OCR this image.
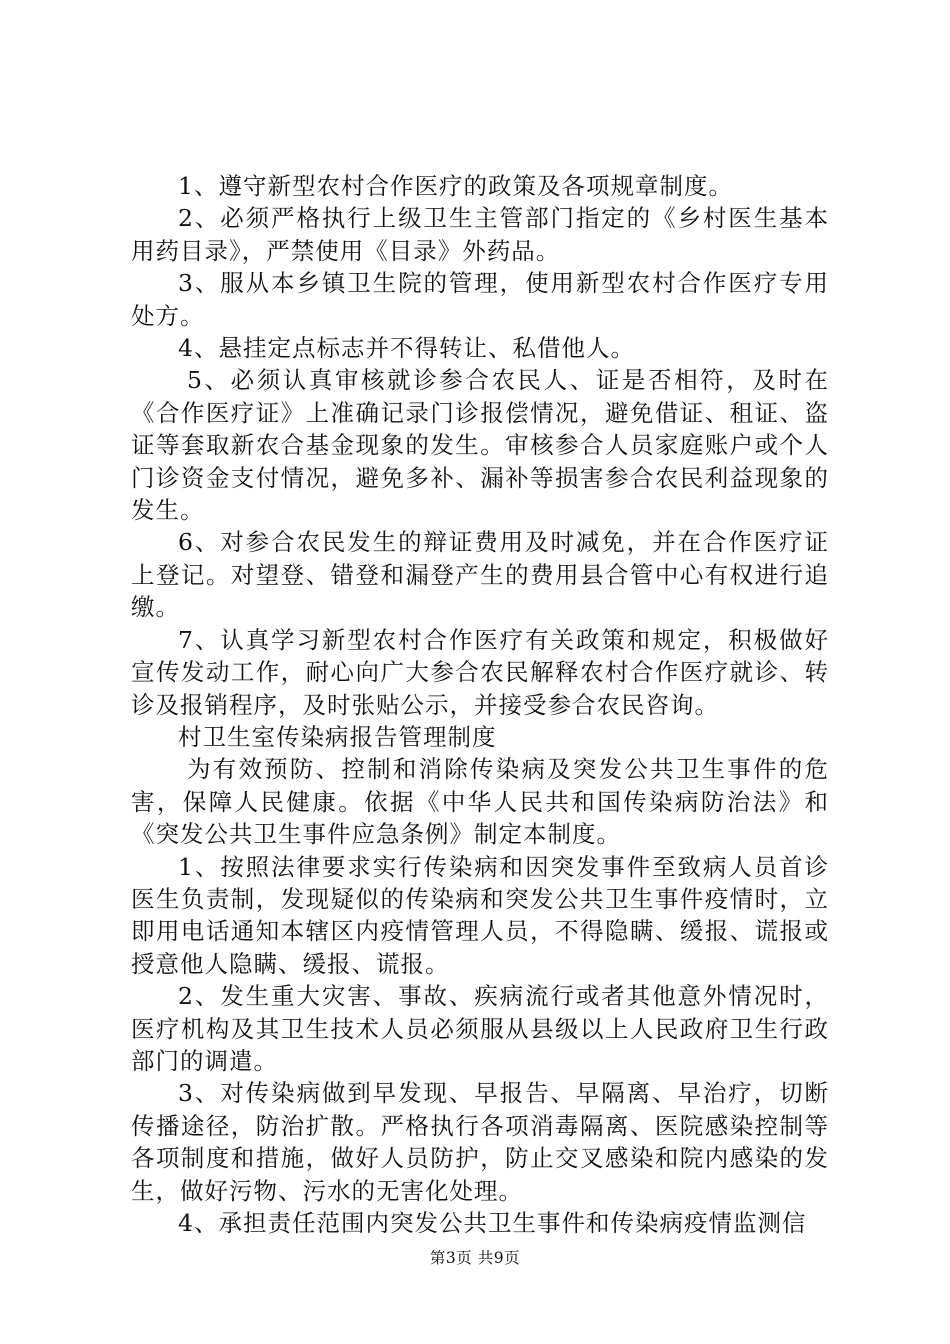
1、遵守新型农村合作医疗的政策及各项规章制度。

2、必须严格执行上级卫生主管部门指定的《乡村医生基本用药目录》，严禁使用《目录》外药品。

3、服从本乡镇卫生院的管理，使用新型农村合作医疗专用处方。

4、悬挂定点标志并不得转让、私借他人。

5、必须认真审核就诊参合农民人、证是否相符，及时在《合作医疗证》上准确记录门诊报偿情况，避免借证、租证、盗证等套取新农合基金现象的发生。审核参合人员家庭账户或个人门诊资金支付情况，避免多补、漏补等损害参合农民利益现象的发生。

6、对参合农民发生的辩证费用及时减免，并在合作医疗证上登记。对望登、错登和漏登产生的费用县合管中心有权进行追缴。

7、认真学习新型农村合作医疗有关政策和规定，积极做好宣传发动工作，耐心向广大参合农民解释农村合作医疗就诊、转诊及报销程序，及时张贴公示，并接受参合农民咨询。

村卫生室传染病报告管理制度

为有效预防、控制和消除传染病及突发公共卫生事件的危害，保障人民健康。依据《中华人民共和国传染病防治法》和《突发公共卫生事件应急条例》制定本制度。

1、按照法律要求实行传染病和因突发事件至致病人员首诊医生负责制，发现疑似的传染病和突发公共卫生事件疫情时，立即用电话通知本辖区内疫情管理人员，不得隐瞒、缓报、谎报或授意他人隐瞒、缓报、谎报。

2、发生重大灾害、事故、疾病流行或者其他意外情况时，医疗机构及其卫生技术人员必须服从县级以上人民政府卫生行政部门的调遣。

3、对传染病做到早发现、早报告、早隔离、早治疗，切断传播途径，防治扩散。严格执行各项消毒隔离、医院感染控制等各项制度和措施，做好人员防护，防止交叉感染和院内感染的发生，做好污物、污水的无害化处理。

4、承担责任范围内突发公共卫生事件和传染病疫情监测信

第3页 共9页
